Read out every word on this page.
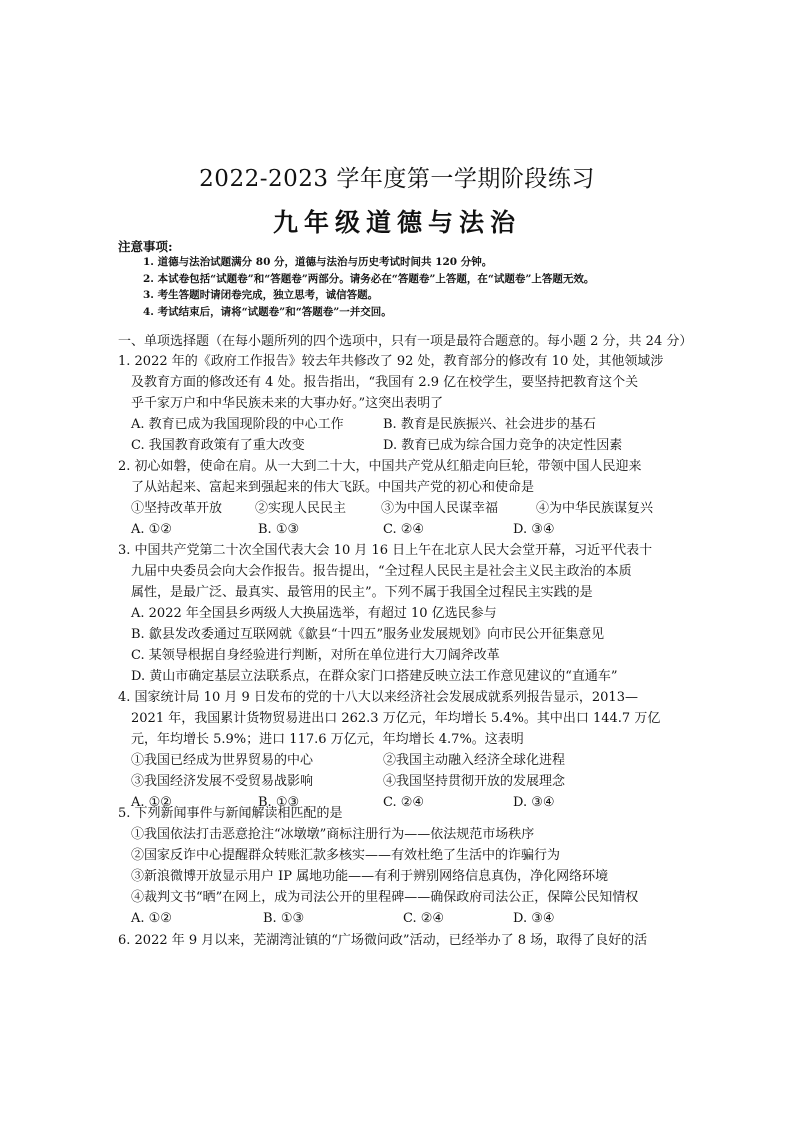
2022-2023 学年度第一学期阶段练习
九年级道德与法治
注意事项:
1. 道德与法治试题满分 80 分，道德与法治与历史考试时间共 120 分钟。
2. 本试卷包括“试题卷”和“答题卷”两部分。请务必在“答题卷”上答题，在“试题卷”上答题无效。
3. 考生答题时请闭卷完成，独立思考，诚信答题。
4. 考试结束后，请将“试题卷”和“答题卷”一并交回。
一、单项选择题（在每小题所列的四个选项中，只有一项是最符合题意的。每小题 2 分，共 24 分）
1. 2022 年的《政府工作报告》较去年共修改了 92 处，教育部分的修改有 10 处，其他领域涉
及教育方面的修改还有 4 处。报告指出，“我国有 2.9 亿在校学生，要坚持把教育这个关
乎千家万户和中华民族未来的大事办好。”这突出表明了
A. 教育已成为我国现阶段的中心工作	B. 教育是民族振兴、社会进步的基石
C. 我国教育政策有了重大改变	D. 教育已成为综合国力竞争的决定性因素
2. 初心如磐，使命在肩。从一大到二十大，中国共产党从红船走向巨轮，带领中国人民迎来
了从站起来、富起来到强起来的伟大飞跃。中国共产党的初心和使命是
①坚持改革开放	②实现人民民主	③为中国人民谋幸福	④为中华民族谋复兴
A. ①②	B. ①③	C. ②④	D. ③④
3. 中国共产党第二十次全国代表大会 10 月 16 日上午在北京人民大会堂开幕，习近平代表十
九届中央委员会向大会作报告。报告提出，“全过程人民民主是社会主义民主政治的本质
属性，是最广泛、最真实、最管用的民主”。下列不属于我国全过程民主实践的是
A. 2022 年全国县乡两级人大换届选举，有超过 10 亿选民参与
B. 歙县发改委通过互联网就《歙县“十四五”服务业发展规划》向市民公开征集意见
C. 某领导根据自身经验进行判断，对所在单位进行大刀阔斧改革
D. 黄山市确定基层立法联系点，在群众家门口搭建反映立法工作意见建议的“直通车”
4. 国家统计局 10 月 9 日发布的党的十八大以来经济社会发展成就系列报告显示，2013—
2021 年，我国累计货物贸易进出口 262.3 万亿元，年均增长 5.4%。其中出口 144.7 万亿
元，年均增长 5.9%；进口 117.6 万亿元，年均增长 4.7%。这表明
①我国已经成为世界贸易的中心	②我国主动融入经济全球化进程
③我国经济发展不受贸易战影响	④我国坚持贯彻开放的发展理念
A. ①②	B. ①③	C. ②④	D. ③④
5. 下列新闻事件与新闻解读相匹配的是
①我国依法打击恶意抢注“冰墩墩”商标注册行为——依法规范市场秩序
②国家反诈中心提醒群众转账汇款多核实——有效杜绝了生活中的诈骗行为
③新浪微博开放显示用户 IP 属地功能——有利于辨别网络信息真伪，净化网络环境
④裁判文书“晒”在网上，成为司法公开的里程碑——确保政府司法公正，保障公民知情权
A. ①②	B. ①③	C. ②④	D. ③④
6. 2022 年 9 月以来，芜湖湾沚镇的“广场微问政”活动，已经举办了 8 场，取得了良好的活
